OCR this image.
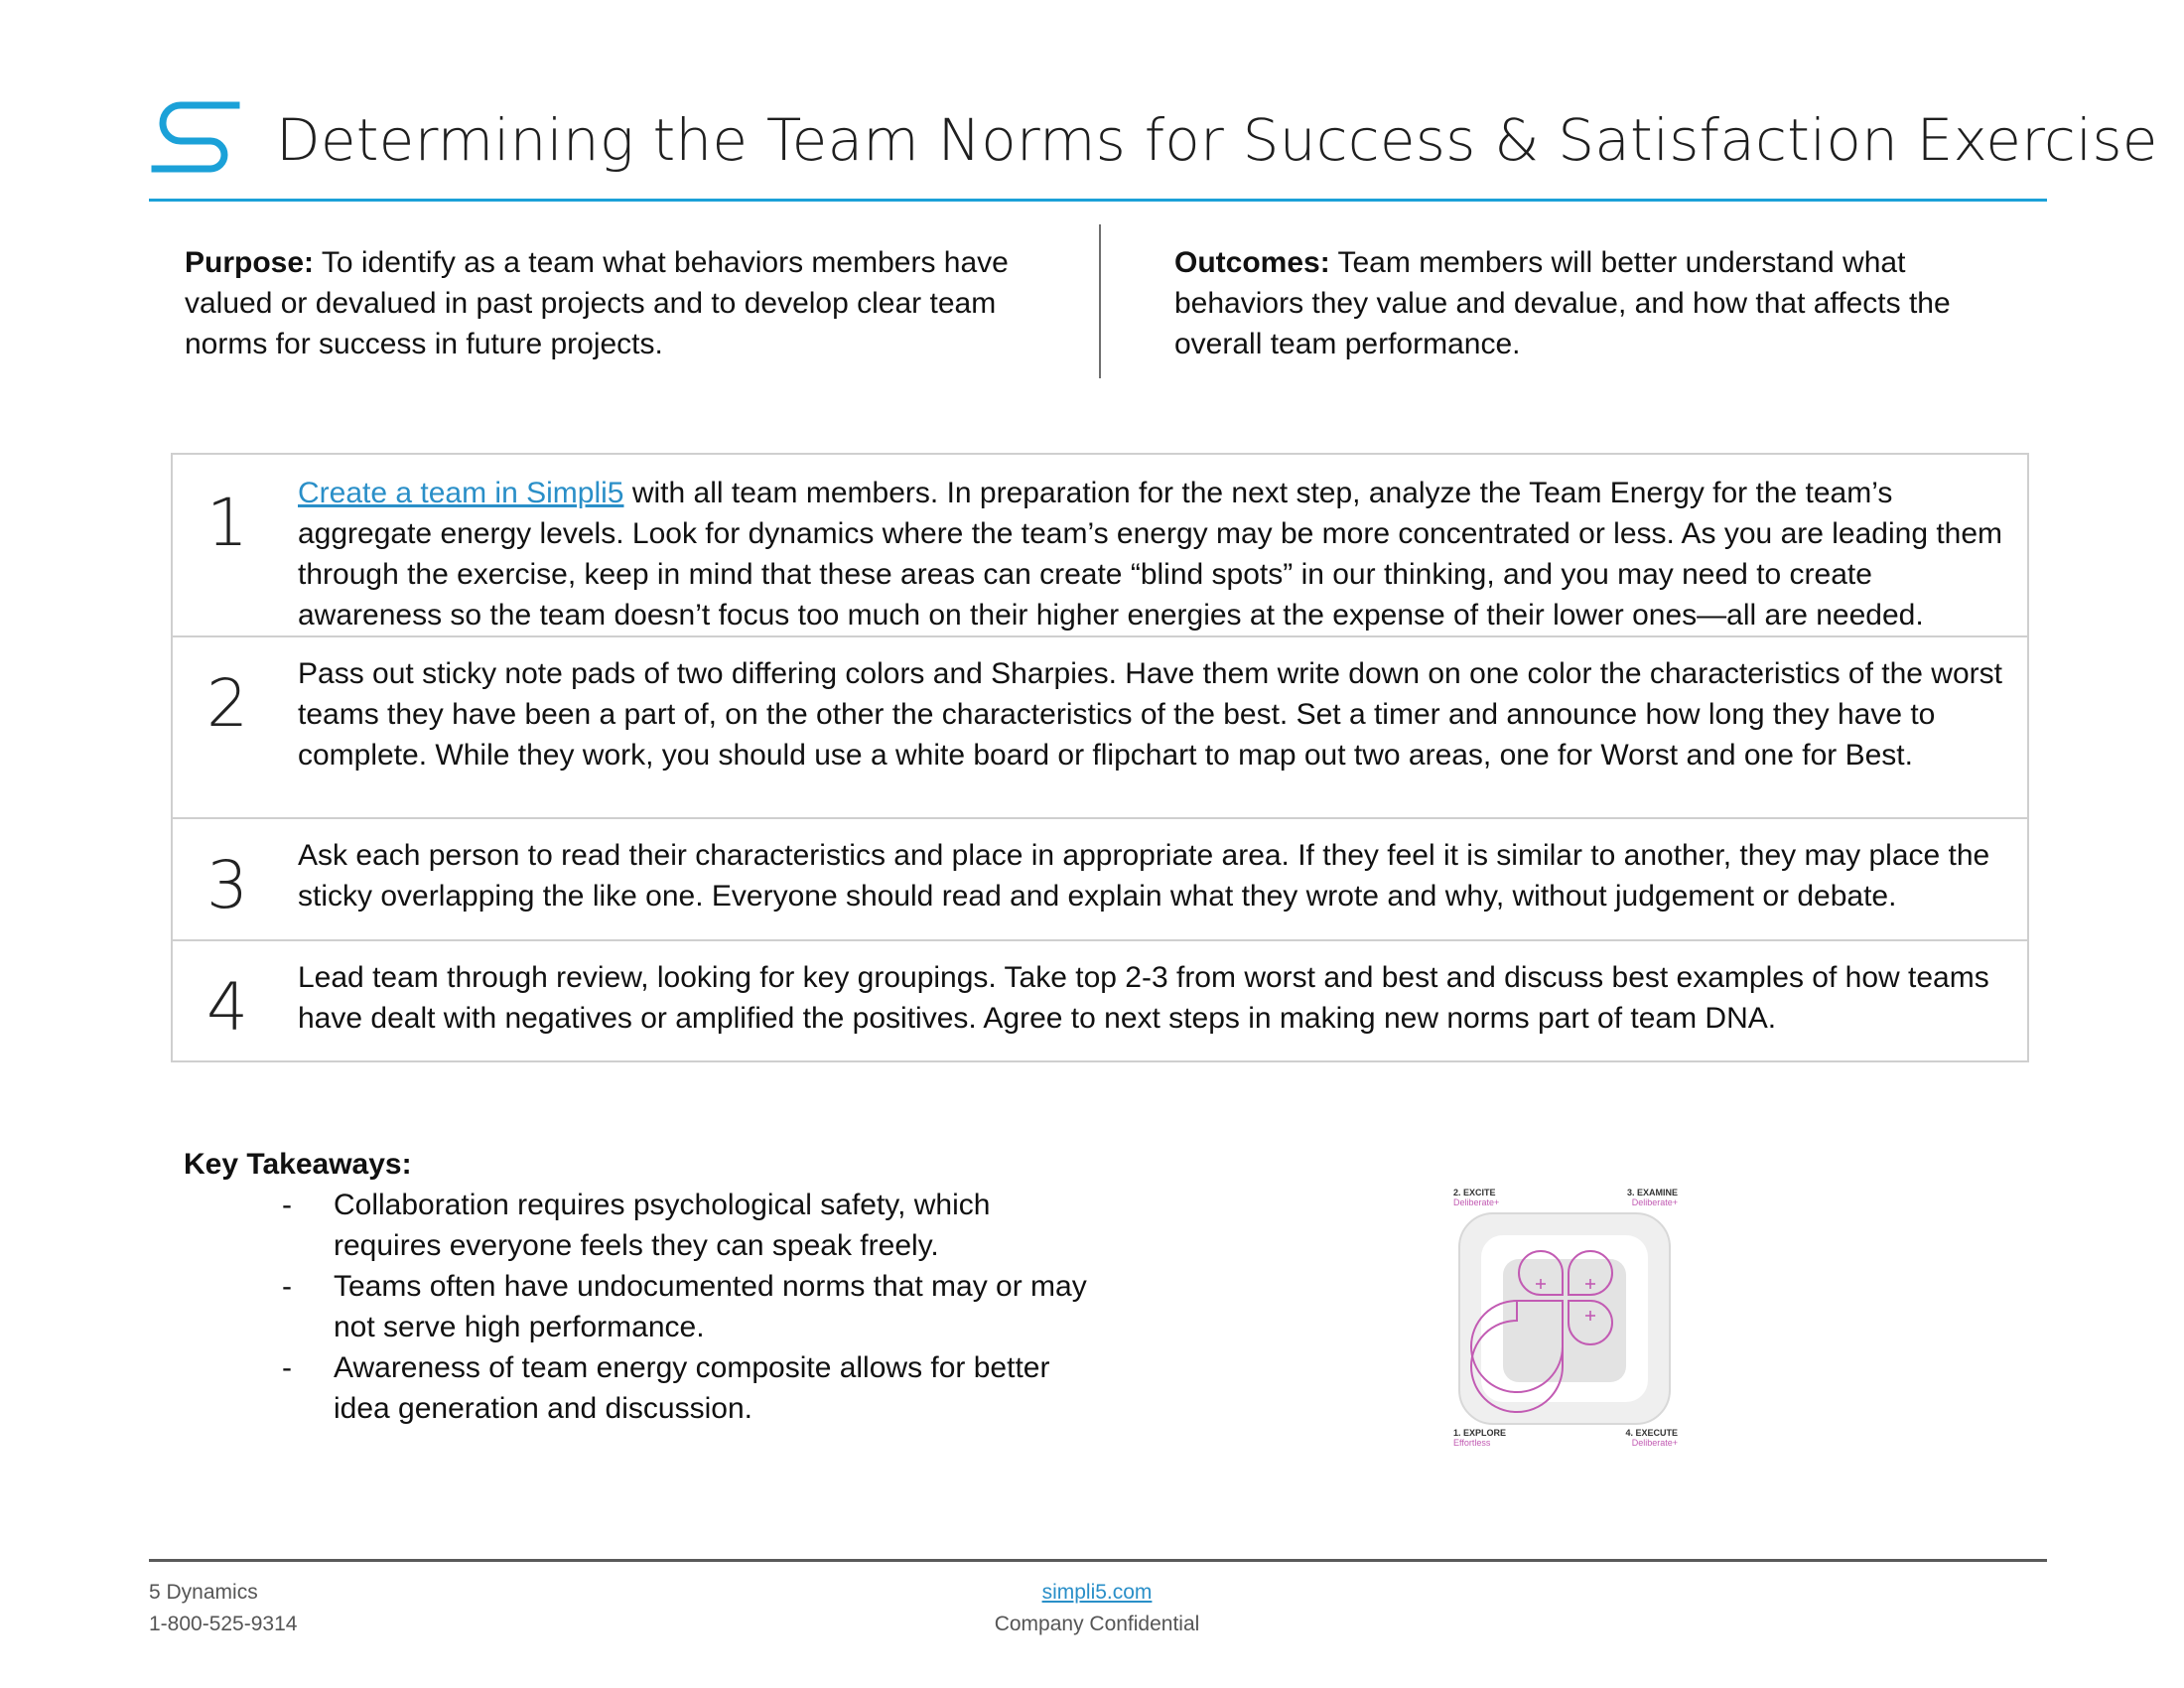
Determining the Team Norms for Success & Satisfaction Exercise
Purpose: To identify as a team what behaviors members have valued or devalued in past projects and to develop clear team norms for success in future projects.
Outcomes: Team members will better understand what behaviors they value and devalue, and how that affects the overall team performance.
1 Create a team in Simpli5 with all team members. In preparation for the next step, analyze the Team Energy for the team’s aggregate energy levels. Look for dynamics where the team’s energy may be more concentrated or less. As you are leading them through the exercise, keep in mind that these areas can create “blind spots” in our thinking, and you may need to create awareness so the team doesn’t focus too much on their higher energies at the expense of their lower ones—all are needed.
2 Pass out sticky note pads of two differing colors and Sharpies. Have them write down on one color the characteristics of the worst teams they have been a part of, on the other the characteristics of the best. Set a timer and announce how long they have to complete. While they work, you should use a white board or flipchart to map out two areas, one for Worst and one for Best.
3 Ask each person to read their characteristics and place in appropriate area. If they feel it is similar to another, they may place the sticky overlapping the like one. Everyone should read and explain what they wrote and why, without judgement or debate.
4 Lead team through review, looking for key groupings. Take top 2-3 from worst and best and discuss best examples of how teams have dealt with negatives or amplified the positives. Agree to next steps in making new norms part of team DNA.
Key Takeaways:
- Collaboration requires psychological safety, which requires everyone feels they can speak freely.
- Teams often have undocumented norms that may or may not serve high performance.
- Awareness of team energy composite allows for better idea generation and discussion.
2. EXCITE
Deliberate+
3. EXAMINE
Deliberate+
1. EXPLORE
Effortless
4. EXECUTE
Deliberate+
5 Dynamics
1-800-525-9314
simpli5.com
Company Confidential
